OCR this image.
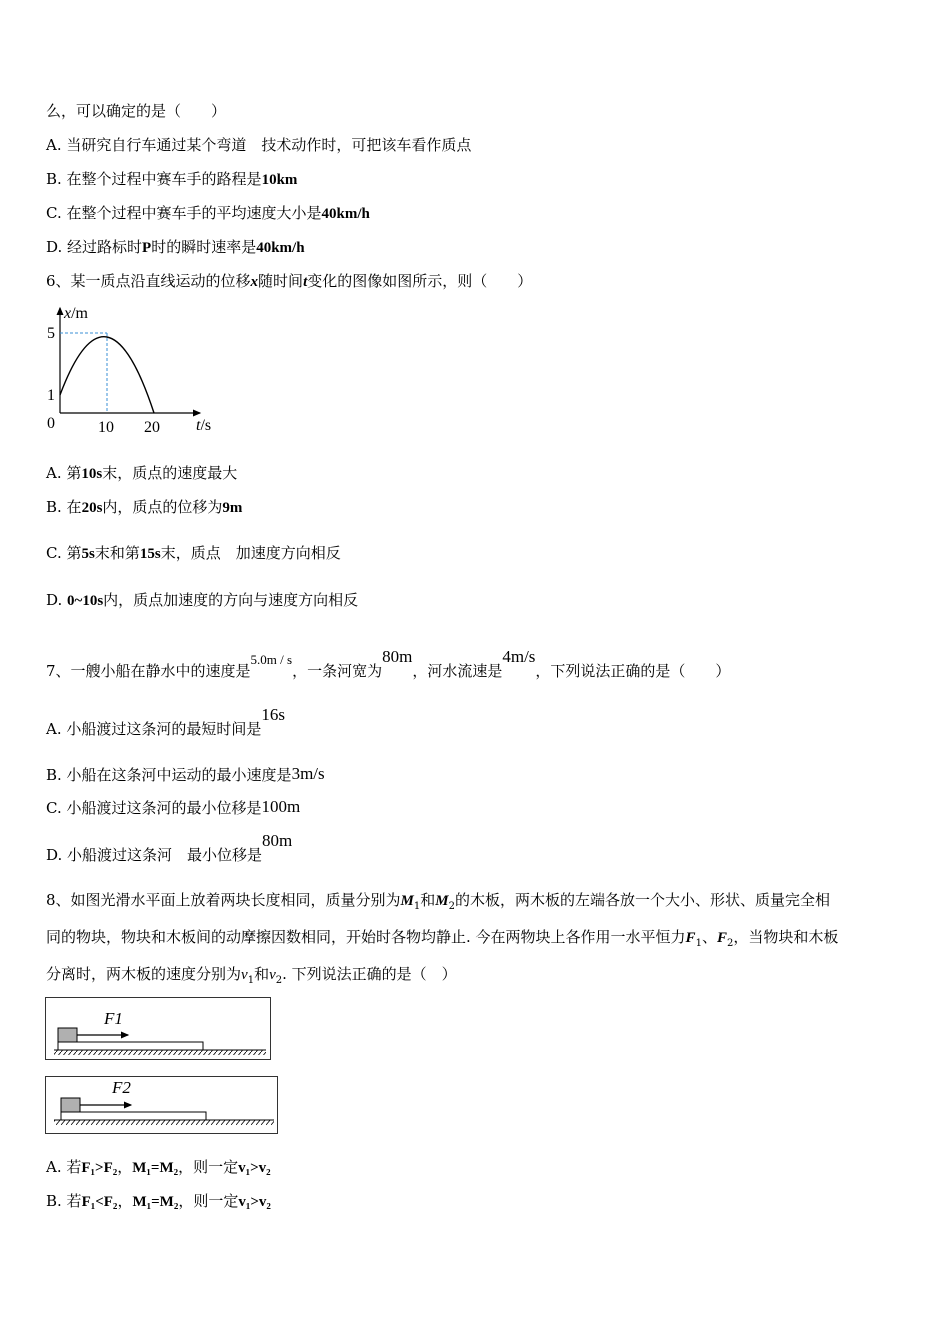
么，可以确定的是（　　）
A. 当研究自行车通过某个弯道　技术动作时，可把该车看作质点
B. 在整个过程中赛车手的路程是10km
C. 在整个过程中赛车手的平均速度大小是40km/h
D. 经过路标时P时的瞬时速率是40km/h
6、某一质点沿直线运动的位移x随时间t变化的图像如图所示，则（　　）
x/m
5
1
0	10 20 t/s
A. 第10s末，质点的速度最大
B. 在20s内，质点的位移为9m
C. 第5s末和第15s末，质点　加速度方向相反
D. 0~10s内，质点加速度的方向与速度方向相反
7、一艘小船在静水中的速度是5.0m / s，一条河宽为80m，河水流速是4m/s，下列说法正确的是（　　）
A. 小船渡过这条河的最短时间是16s
B. 小船在这条河中运动的最小速度是3m/s
C. 小船渡过这条河的最小位移是100m
D. 小船渡过这条河　最小位移是80m
8、如图光滑水平面上放着两块长度相同，质量分别为$M_1$和$M_2$的木板，两木板的左端各放一个大小、形状、质量完全相
同的物块，物块和木板间的动摩擦因数相同，开始时各物均静止. 今在两物块上各作用一水平恒力$F_1$、$F_2$，当物块和木板
分离时，两木板的速度分别为$v_1$和$v_2$. 下列说法正确的是（　）
F1
F2
A. 若F₁>F₂，M₁=M₂，则一定v₁>v₂
B. 若F₁<F₂，M₁=M₂，则一定v₁>v₂
